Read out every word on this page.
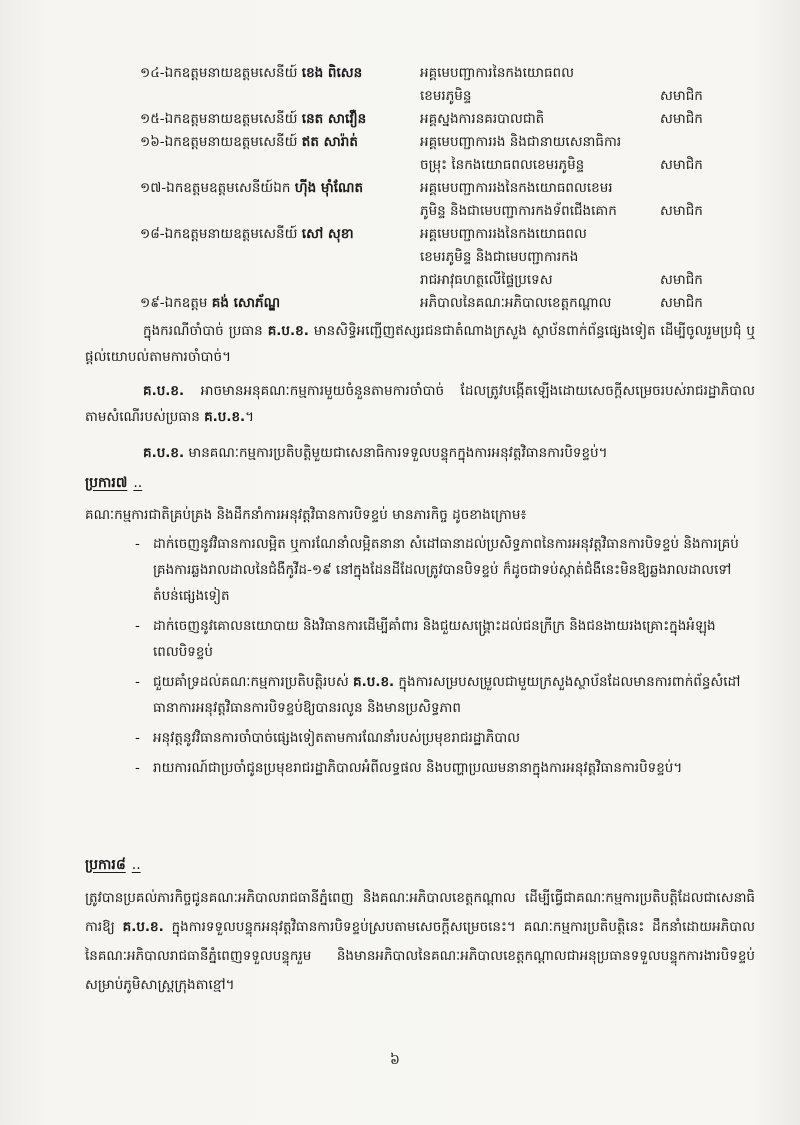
១៤-ឯកឧត្តមនាយឧត្តមសេនីយ៍ ខេង ពិសេន	អគ្គមេបញ្ជាការនៃកងយោធពល
ខេមរភូមិន្ទ	សមាជិក
១៥-ឯកឧត្តមនាយឧត្តមសេនីយ៍ នេត សាវឿន	អគ្គស្នងការនគរបាលជាតិ	សមាជិក
១៦-ឯកឧត្តមនាយឧត្តមសេនីយ៍ ឥត សារ៉ាត់	អគ្គមេបញ្ជាការរង និងជានាយសេនាធិការ
ចម្រុះ នៃកងយោធពលខេមរភូមិន្ទ	សមាជិក
១៧-ឯកឧត្តមឧត្តមសេនីយ៍ឯក ហ៊ីង ម៉ាំណែត	អគ្គមេបញ្ជាការរងនៃកងយោធពលខេមរ
ភូមិន្ទ និងជាមេបញ្ជាការកងទ័ពជើងគោក	សមាជិក
១៨-ឯកឧត្តមនាយឧត្តមសេនីយ៍ សៅ សុខា	អគ្គមេបញ្ជាការរងនៃកងយោធពល
ខេមរភូមិន្ទ និងជាមេបញ្ជាការកង
រាជអាវុធហត្ថលើផ្ទៃប្រទេស	សមាជិក
១៩-ឯកឧត្តម គង់ សោភ័ណ្ឌ	អភិបាលនៃគណៈអភិបាលខេត្តកណ្ដាល	សមាជិក
ក្នុងករណីចាំបាច់ ប្រធាន គ.ប.ខ. មានសិទ្ធិអញ្ជើញឥស្សរជនជាតំណាងក្រសួង ស្ថាប័នពាក់ព័ន្ធផ្សេងទៀត ដើម្បីចូលរួមប្រជុំ ឬផ្ដល់យោបល់តាមការចាំបាច់។
គ.ប.ខ. អាចមានអនុគណៈកម្មការមួយចំនួនតាមការចាំបាច់ ដែលត្រូវបង្កើតឡើងដោយសេចក្ដីសម្រេចរបស់រាជរដ្ឋាភិបាល តាមសំណើរបស់ប្រធាន គ.ប.ខ.។
គ.ប.ខ. មានគណៈកម្មការប្រតិបត្តិមួយជាសេនាធិការទទួលបន្ទុកក្នុងការអនុវត្តវិធានការបិទខ្ទប់។
ប្រការ៧ ..
គណៈកម្មការជាតិគ្រប់គ្រង និងដឹកនាំការអនុវត្តវិធានការបិទខ្ទប់ មានភារកិច្ច ដូចខាងក្រោម៖
- ដាក់ចេញនូវវិធានការលម្អិត ឬការណែនាំលម្អិតនានា សំដៅធានាដល់ប្រសិទ្ធភាពនៃការអនុវត្តវិធានការបិទខ្ទប់ និងការគ្រប់គ្រងការឆ្លងរាលដាលនៃជំងឺកូវីដ-១៩ នៅក្នុងដែនដីដែលត្រូវបានបិទខ្ទប់ ក៏ដូចជាទប់ស្កាត់ជំងឺនេះមិនឱ្យឆ្លងរាលដាលទៅតំបន់ផ្សេងទៀត
- ដាក់ចេញនូវគោលនយោបាយ និងវិធានការដើម្បីគាំពារ និងជួយសង្គ្រោះដល់ជនក្រីក្រ និងជនងាយរងគ្រោះក្នុងអំឡុងពេលបិទខ្ទប់
- ជួយគាំទ្រដល់គណៈកម្មការប្រតិបត្តិរបស់ គ.ប.ខ. ក្នុងការសម្របសម្រួលជាមួយក្រសួងស្ថាប័នដែលមានការពាក់ព័ន្ធសំដៅធានាការអនុវត្តវិធានការបិទខ្ទប់ឱ្យបានរលូន និងមានប្រសិទ្ធភាព
- អនុវត្តនូវវិធានការចាំបាច់ផ្សេងទៀតតាមការណែនាំរបស់ប្រមុខរាជរដ្ឋាភិបាល
- រាយការណ៍ជាប្រចាំជូនប្រមុខរាជរដ្ឋាភិបាលអំពីលទ្ធផល និងបញ្ហាប្រឈមនានាក្នុងការអនុវត្តវិធានការបិទខ្ទប់។
ប្រការ៨ ..
ត្រូវបានប្រគល់ភារកិច្ចជូនគណៈអភិបាលរាជធានីភ្នំពេញ និងគណៈអភិបាលខេត្តកណ្ដាល ដើម្បីធ្វើជាគណៈកម្មការប្រតិបត្តិដែលជាសេនាធិការឱ្យ គ.ប.ខ. ក្នុងការទទួលបន្ទុកអនុវត្តវិធានការបិទខ្ទប់ស្របតាមសេចក្ដីសម្រេចនេះ។ គណៈកម្មការប្រតិបត្តិនេះ ដឹកនាំដោយអភិបាលនៃគណៈអភិបាលរាជធានីភ្នំពេញទទួលបន្ទុករួម និងមានអភិបាលនៃគណៈអភិបាលខេត្តកណ្ដាលជាអនុប្រធានទទួលបន្ទុកការងារបិទខ្ទប់សម្រាប់ភូមិសាស្ត្រក្រុងតាខ្មៅ។
៦
